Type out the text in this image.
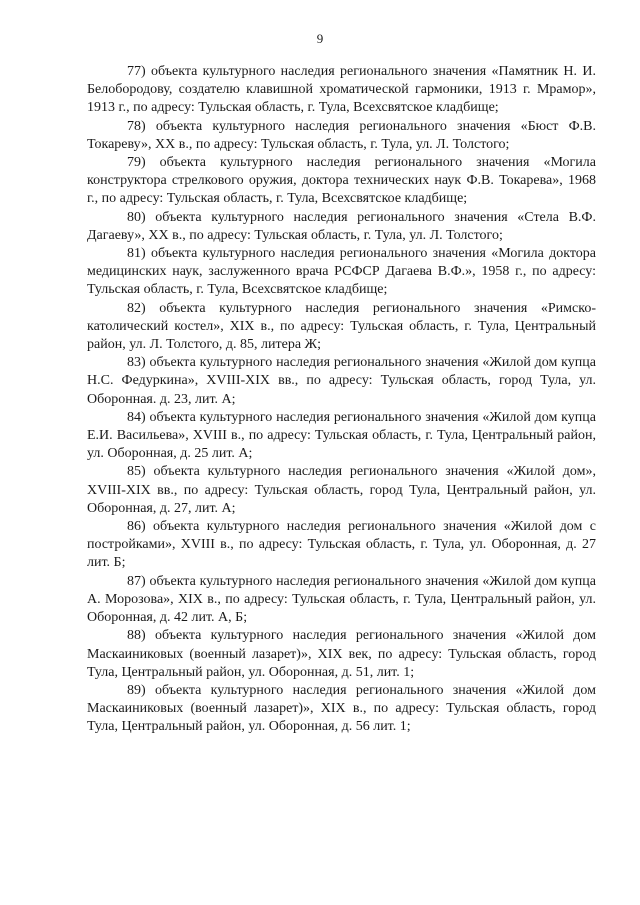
9

77) объекта культурного наследия регионального значения «Памятник Н. И. Белобородову, создателю клавишной хроматической гармоники, 1913 г. Мрамор», 1913 г., по адресу: Тульская область, г. Тула, Всехсвятское кладбище;

78) объекта культурного наследия регионального значения «Бюст Ф.В. Токареву», XX в., по адресу: Тульская область, г. Тула, ул. Л. Толстого;

79) объекта культурного наследия регионального значения «Могила конструктора стрелкового оружия, доктора технических наук Ф.В. Токарева», 1968 г., по адресу: Тульская область, г. Тула, Всехсвятское кладбище;

80) объекта культурного наследия регионального значения «Стела В.Ф. Дагаеву», XX в., по адресу: Тульская область, г. Тула, ул. Л. Толстого;

81) объекта культурного наследия регионального значения «Могила доктора медицинских наук, заслуженного врача РСФСР Дагаева В.Ф.», 1958 г., по адресу: Тульская область, г. Тула, Всехсвятское кладбище;

82) объекта культурного наследия регионального значения «Римско-католический костел», XIX в., по адресу: Тульская область, г. Тула, Центральный район, ул. Л. Толстого, д. 85, литера Ж;

83) объекта культурного наследия регионального значения «Жилой дом купца Н.С. Федуркина», XVIII-XIX вв., по адресу: Тульская область, город Тула, ул. Оборонная. д. 23, лит. А;

84) объекта культурного наследия регионального значения «Жилой дом купца Е.И. Васильева», XVIII в., по адресу: Тульская область, г. Тула, Центральный район, ул. Оборонная, д. 25 лит. А;

85) объекта культурного наследия регионального значения «Жилой дом», XVIII-XIX вв., по адресу: Тульская область, город Тула, Центральный район, ул. Оборонная, д. 27, лит. А;

86) объекта культурного наследия регионального значения «Жилой дом с постройками», XVIII в., по адресу: Тульская область, г. Тула, ул. Оборонная, д. 27 лит. Б;

87) объекта культурного наследия регионального значения «Жилой дом купца А. Морозова», XIX в., по адресу: Тульская область, г. Тула, Центральный район, ул. Оборонная, д. 42 лит. А, Б;

88) объекта культурного наследия регионального значения «Жилой дом Маскаиниковых (военный лазарет)», XIX век, по адресу: Тульская область, город Тула, Центральный район, ул. Оборонная, д. 51, лит. 1;

89) объекта культурного наследия регионального значения «Жилой дом Маскаиниковых (военный лазарет)», XIX в., по адресу: Тульская область, город Тула, Центральный район, ул. Оборонная, д. 56 лит. 1;
